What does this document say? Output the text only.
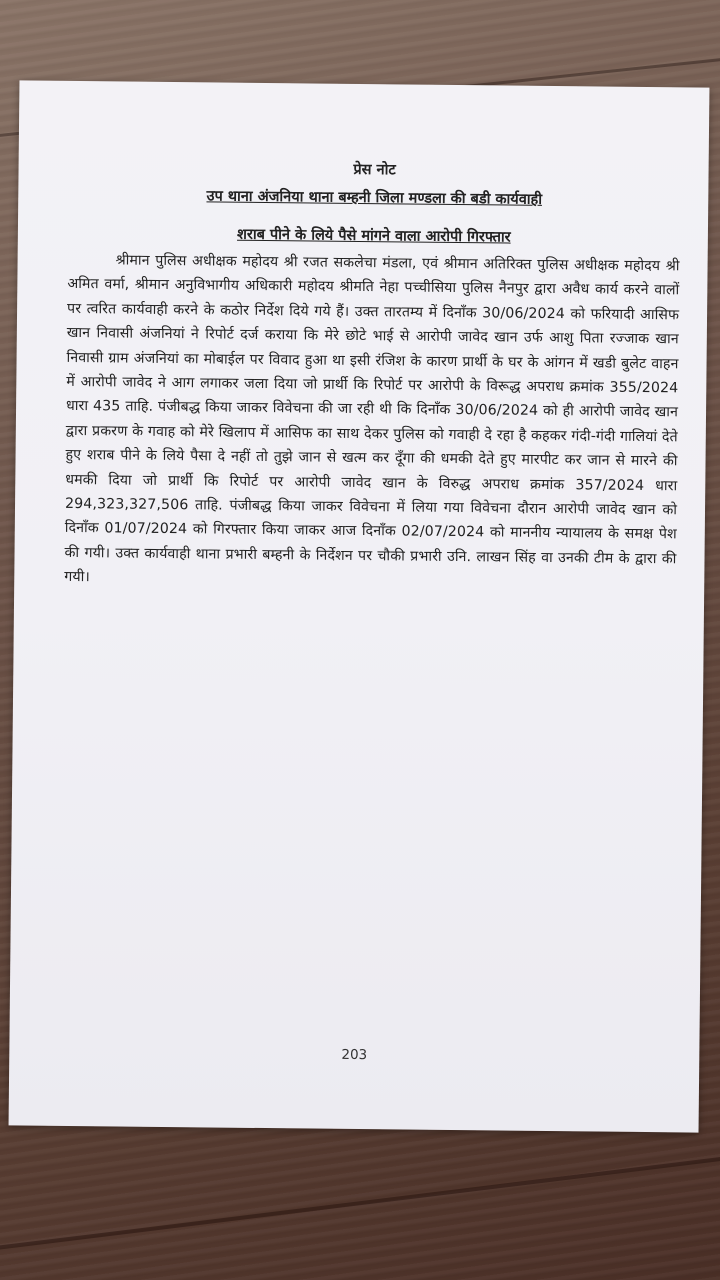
प्रेस नोट

उप थाना अंजनिया थाना बम्हनी जिला मण्डला की बडी कार्यवाही
शराब पीने के लिये पैसे मांगने वाला आरोपी गिरफ्तार
श्रीमान पुलिस अधीक्षक महोदय श्री रजत सकलेचा मंडला, एवं श्रीमान अतिरिक्त पुलिस अधीक्षक महोदय श्री अमित वर्मा, श्रीमान अनुविभागीय अधिकारी महोदय श्रीमति नेहा पच्चीसिया पुलिस नैनपुर द्वारा अवैध कार्य करने वालों पर त्वरित कार्यवाही करने के कठोर निर्देश दिये गये हैं। उक्त तारतम्य में दिनाँक 30/06/2024 को फरियादी आसिफ खान निवासी अंजनियां ने रिपोर्ट दर्ज कराया कि मेरे छोटे भाई से आरोपी जावेद खान उर्फ आशु पिता रज्जाक खान निवासी ग्राम अंजनियां का मोबाईल पर विवाद हुआ था इसी रंजिश के कारण प्रार्थी के घर के आंगन में खडी बुलेट वाहन में आरोपी जावेद ने आग लगाकर जला दिया जो प्रार्थी कि रिपोर्ट पर आरोपी के विरूद्ध अपराध क्रमांक 355/2024 धारा 435 ताहि. पंजीबद्ध किया जाकर विवेचना की जा रही थी कि दिनाँक 30/06/2024 को ही आरोपी जावेद खान द्वारा प्रकरण के गवाह को मेरे खिलाप में आसिफ का साथ देकर पुलिस को गवाही दे रहा है कहकर गंदी-गंदी गालियां देते हुए शराब पीने के लिये पैसा दे नहीं तो तुझे जान से खत्म कर दूँगा की धमकी देते हुए मारपीट कर जान से मारने की धमकी दिया जो प्रार्थी कि रिपोर्ट पर आरोपी जावेद खान के विरुद्ध अपराध क्रमांक 357/2024 धारा 294,323,327,506 ताहि. पंजीबद्ध किया जाकर विवेचना में लिया गया विवेचना दौरान आरोपी जावेद खान को दिनाँक 01/07/2024 को गिरफ्तार किया जाकर आज दिनाँक 02/07/2024 को माननीय न्यायालय के समक्ष पेश की गयी। उक्त कार्यवाही थाना प्रभारी बम्हनी के निर्देशन पर चौकी प्रभारी उनि. लाखन सिंह वा उनकी टीम के द्वारा की गयी।
203
